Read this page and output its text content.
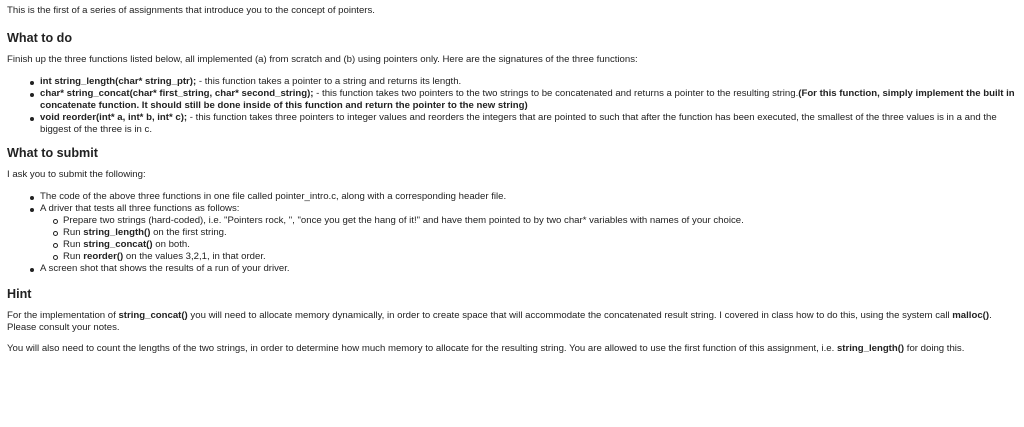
This is the first of a series of assignments that introduce you to the concept of pointers.

What to do

Finish up the three functions listed below, all implemented (a) from scratch and (b) using pointers only. Here are the signatures of the three functions:

int string_length(char* string_ptr); - this function takes a pointer to a string and returns its length.
char* string_concat(char* first_string, char* second_string); - this function takes two pointers to the two strings to be concatenated and returns a pointer to the resulting string.(For this function, simply implement the built in concatenate function. It should still be done inside of this function and return the pointer to the new string)
void reorder(int* a, int* b, int* c); - this function takes three pointers to integer values and reorders the integers that are pointed to such that after the function has been executed, the smallest of the three values is in a and the biggest of the three is in c.
What to submit

I ask you to submit the following:

The code of the above three functions in one file called pointer_intro.c, along with a corresponding header file.
A driver that tests all three functions as follows:
Prepare two strings (hard-coded), i.e. "Pointers rock, ", "once you get the hang of it!" and have them pointed to by two char* variables with names of your choice.
Run string_length() on the first string.
Run string_concat() on both.
Run reorder() on the values 3,2,1, in that order.
A screen shot that shows the results of a run of your driver.
Hint

For the implementation of string_concat() you will need to allocate memory dynamically, in order to create space that will accommodate the concatenated result string. I covered in class how to do this, using the system call malloc(). Please consult your notes.

You will also need to count the lengths of the two strings, in order to determine how much memory to allocate for the resulting string. You are allowed to use the first function of this assignment, i.e. string_length() for doing this.
